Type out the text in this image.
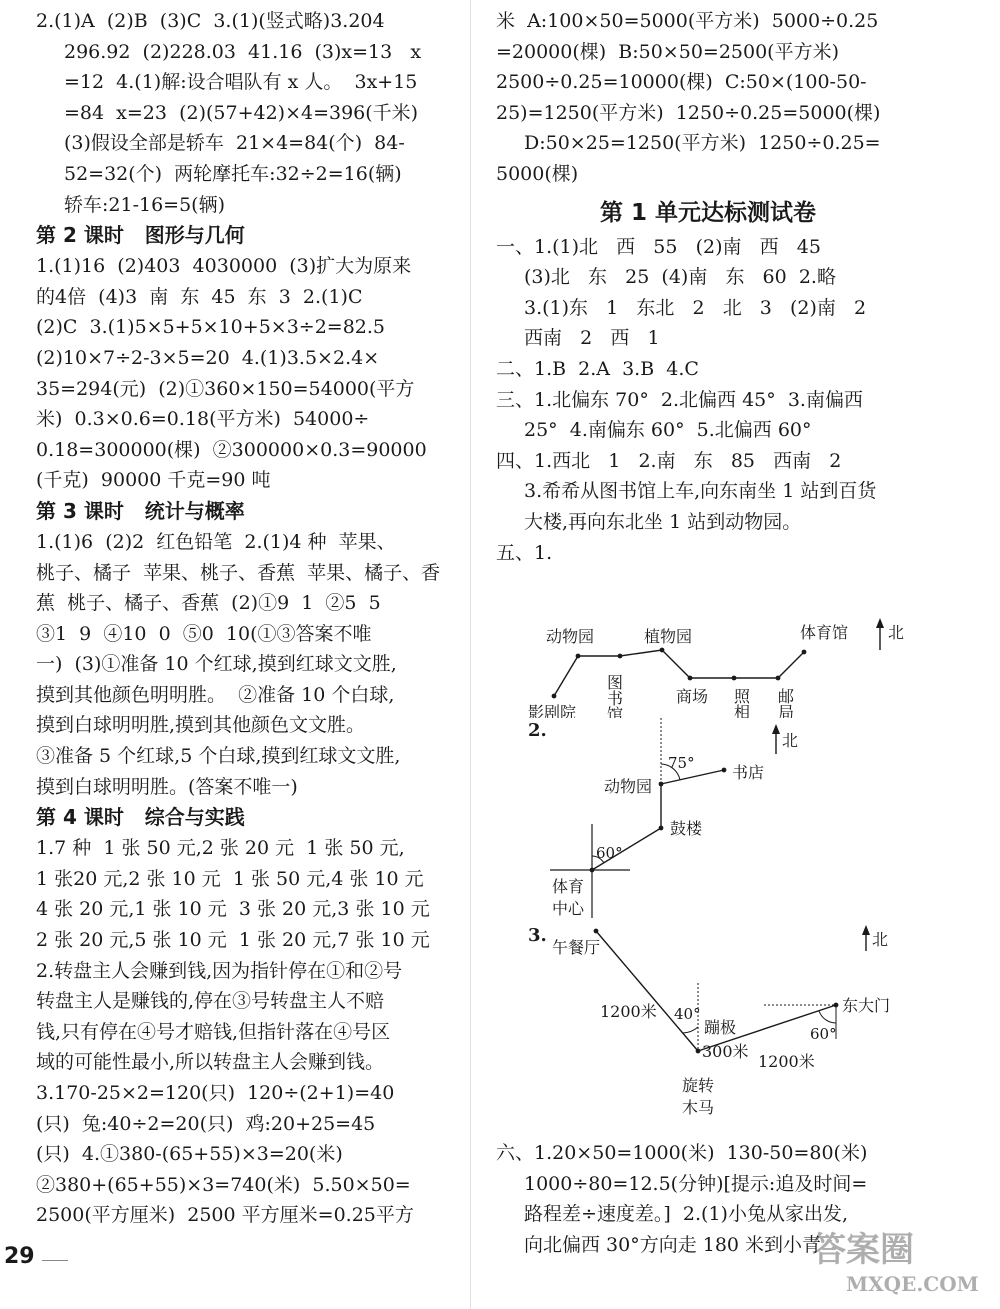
2.(1)A  (2)B  (3)C  3.(1)(竖式略)3.204
296.92  (2)228.03  41.16  (3)x=13   x
=12  4.(1)解:设合唱队有 x 人。  3x+15
=84  x=23  (2)(57+42)×4=396(千米)
(3)假设全部是轿车  21×4=84(个)  84-
52=32(个)  两轮摩托车:32÷2=16(辆)
轿车:21-16=5(辆)
第 2 课时   图形与几何
1.(1)16  (2)403  4030000  (3)扩大为原来
的4倍  (4)3  南  东  45  东  3  2.(1)C
(2)C  3.(1)5×5+5×10+5×3÷2=82.5
(2)10×7÷2-3×5=20  4.(1)3.5×2.4×
35=294(元)  (2)①360×150=54000(平方
米)  0.3×0.6=0.18(平方米)  54000÷
0.18=300000(棵)  ②300000×0.3=90000
(千克)  90000 千克=90 吨
第 3 课时   统计与概率
1.(1)6  (2)2  红色铅笔  2.(1)4 种  苹果、
桃子、橘子  苹果、桃子、香蕉  苹果、橘子、香
蕉  桃子、橘子、香蕉  (2)①9  1  ②5  5
③1  9  ④10  0  ⑤0  10(①③答案不唯
一)  (3)①准备 10 个红球,摸到红球文文胜,
摸到其他颜色明明胜。  ②准备 10 个白球,
摸到白球明明胜,摸到其他颜色文文胜。
③准备 5 个红球,5 个白球,摸到红球文文胜,
摸到白球明明胜。(答案不唯一)
第 4 课时   综合与实践
1.7 种  1 张 50 元,2 张 20 元  1 张 50 元,
1 张20 元,2 张 10 元  1 张 50 元,4 张 10 元
4 张 20 元,1 张 10 元  3 张 20 元,3 张 10 元
2 张 20 元,5 张 10 元  1 张 20 元,7 张 10 元
2.转盘主人会赚到钱,因为指针停在①和②号
转盘主人是赚钱的,停在③号转盘主人不赔
钱,只有停在④号才赔钱,但指针落在④号区
域的可能性最小,所以转盘主人会赚到钱。
3.170-25×2=120(只)  120÷(2+1)=40
(只)  兔:40÷2=20(只)  鸡:20+25=45
(只)  4.①380-(65+55)×3=20(米)
②380+(65+55)×3=740(米)  5.50×50=
2500(平方厘米)  2500 平方厘米=0.25平方
米  A:100×50=5000(平方米)  5000÷0.25
=20000(棵)  B:50×50=2500(平方米)
2500÷0.25=10000(棵)  C:50×(100-50-
25)=1250(平方米)  1250÷0.25=5000(棵)
D:50×25=1250(平方米)  1250÷0.25=
5000(棵)
第 1 单元达标测试卷
一、1.(1)北   西   55   (2)南   西   45
(3)北   东   25  (4)南   东   60  2.略
3.(1)东   1   东北   2   北   3   (2)南   2
西南   2   西   1
二、1.B  2.A  3.B  4.C
三、1.北偏东 70°  2.北偏西 45°  3.南偏西
25°  4.南偏东 60°  5.北偏西 60°
四、1.西北   1   2.南   东   85   西南   2
3.希希从图书馆上车,向东南坐 1 站到百货
大楼,再向东北坐 1 站到动物园。
五、1.
动物园	植物园	体育馆
影剧院 图书馆	商场 照相馆 邮局
北
2.
75°
60°
书店
动物园
鼓楼
体育
中心
北
3.
午餐厅
1200米 40°
蹦极
300米
1200米
60°
东大门
旋转
木马
北
六、1.20×50=1000(米)  130-50=80(米)
1000÷80=12.5(分钟)[提示:追及时间=
路程差÷速度差。]  2.(1)小兔从家出发,
向北偏西 30°方向走 180 米到小青
29	答案圈
MXQE.COM
